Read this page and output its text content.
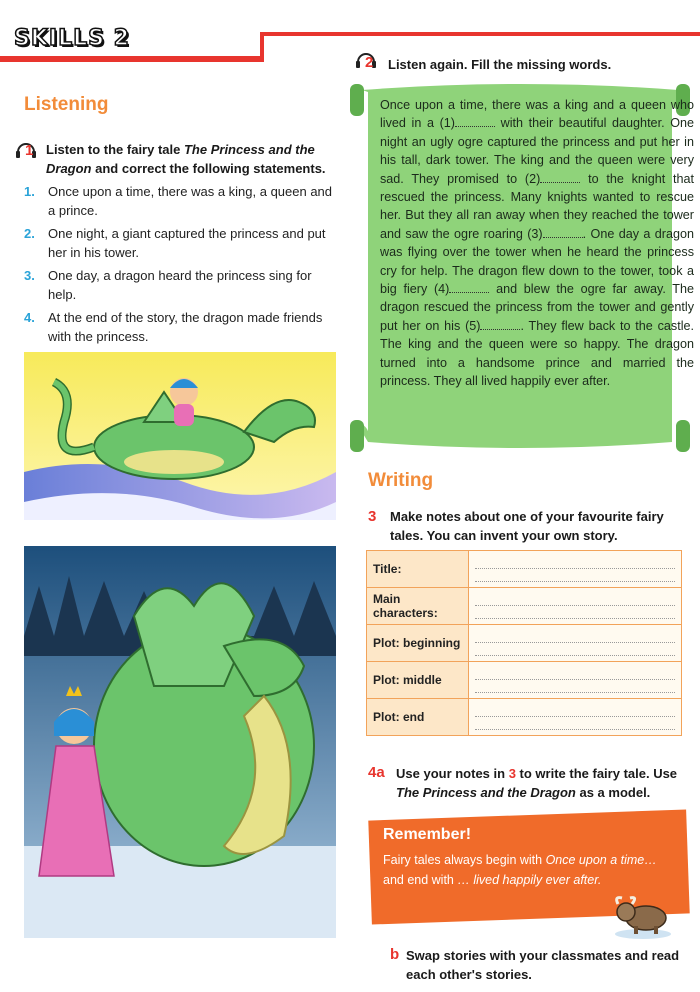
SKILLS 2
Listening
1 Listen to the fairy tale The Princess and the Dragon and correct the following statements.
1. Once upon a time, there was a king, a queen and a prince.
2. One night, a giant captured the princess and put her in his tower.
3. One day, a dragon heard the princess sing for help.
4. At the end of the story, the dragon made friends with the princess.
2 Listen again. Fill the missing words.
Once upon a time, there was a king and a queen who lived in a (1)	with their beautiful daughter. One night an ugly ogre captured the princess and put her in his tall, dark tower. The king and the queen were very sad. They promised to (2)	to the knight that rescued the princess. Many knights wanted to rescue her. But they all ran away when they reached the tower and saw the ogre roaring (3)	. One day a dragon was flying over the tower when he heard the princess cry for help. The dragon flew down to the tower, took a big fiery (4)	and blew the ogre far away. The dragon rescued the princess from the tower and gently put her on his (5)	. They flew back to the castle. The king and the queen were so happy. The dragon turned into a handsome prince and married the princess. They all lived happily ever after.
Writing
3 Make notes about one of your favourite fairy tales. You can invent your own story.
Title:	

Main characters:	

Plot: beginning	

Plot: middle	

Plot: end	
4a Use your notes in 3 to write the fairy tale. Use The Princess and the Dragon as a model.
Remember!
Fairy tales always begin with Once upon a time…
and end with … lived happily ever after.
b Swap stories with your classmates and read each other's stories.
